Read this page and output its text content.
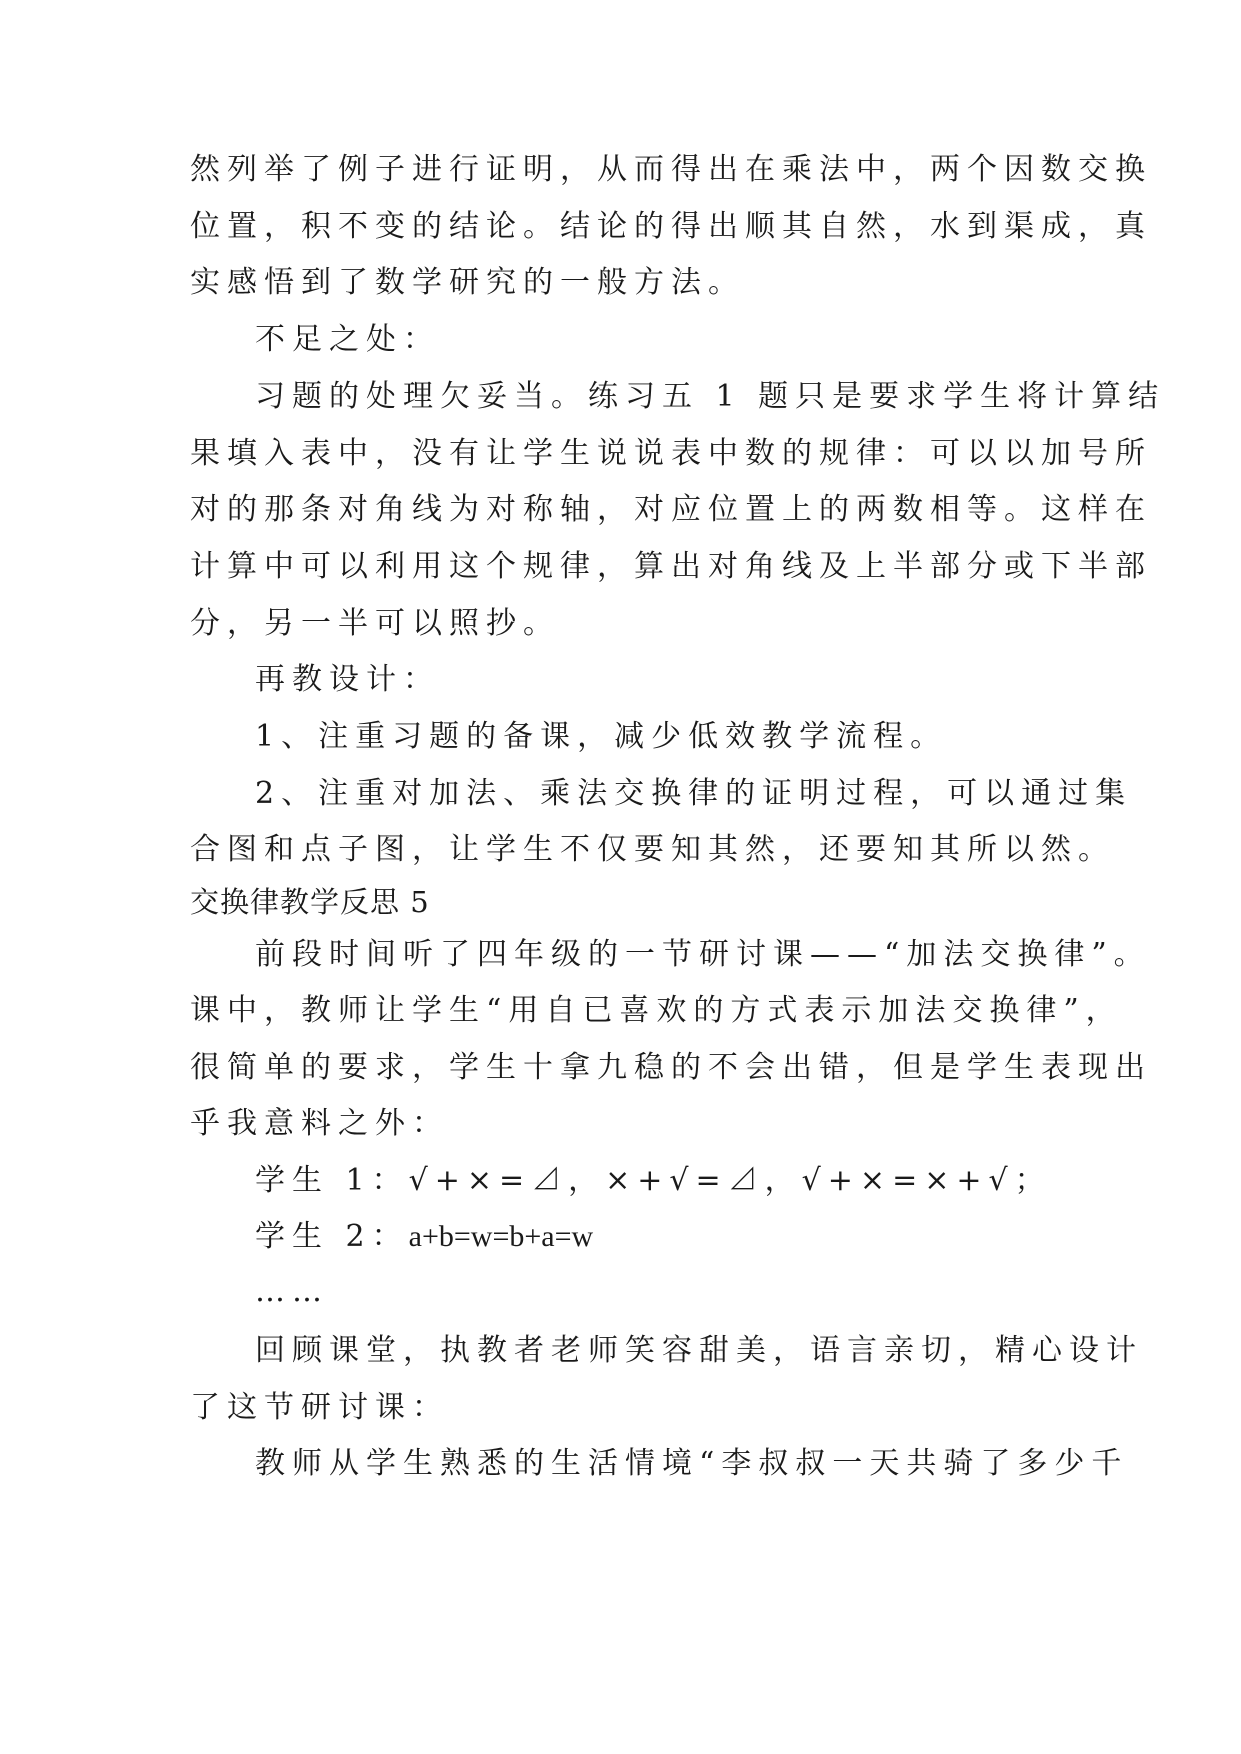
然列举了例子进行证明，从而得出在乘法中，两个因数交换
位置，积不变的结论。结论的得出顺其自然，水到渠成，真
实感悟到了数学研究的一般方法。
不足之处：
习题的处理欠妥当。练习五 1 题只是要求学生将计算结
果填入表中，没有让学生说说表中数的规律：可以以加号所
对的那条对角线为对称轴，对应位置上的两数相等。这样在
计算中可以利用这个规律，算出对角线及上半部分或下半部
分，另一半可以照抄。
再教设计：
1、注重习题的备课，减少低效教学流程。
2、注重对加法、乘法交换律的证明过程，可以通过集
合图和点子图，让学生不仅要知其然，还要知其所以然。
交换律教学反思 5
前段时间听了四年级的一节研讨课——“加法交换律”。
课中，教师让学生“用自已喜欢的方式表示加法交换律”，
很简单的要求，学生十拿九稳的不会出错，但是学生表现出
乎我意料之外：
学生 1：√+×=⊿，×+√=⊿，√+×=×+√；
学生 2：a+b=w=b+a=w
……
回顾课堂，执教者老师笑容甜美，语言亲切，精心设计
了这节研讨课：
教师从学生熟悉的生活情境“李叔叔一天共骑了多少千
